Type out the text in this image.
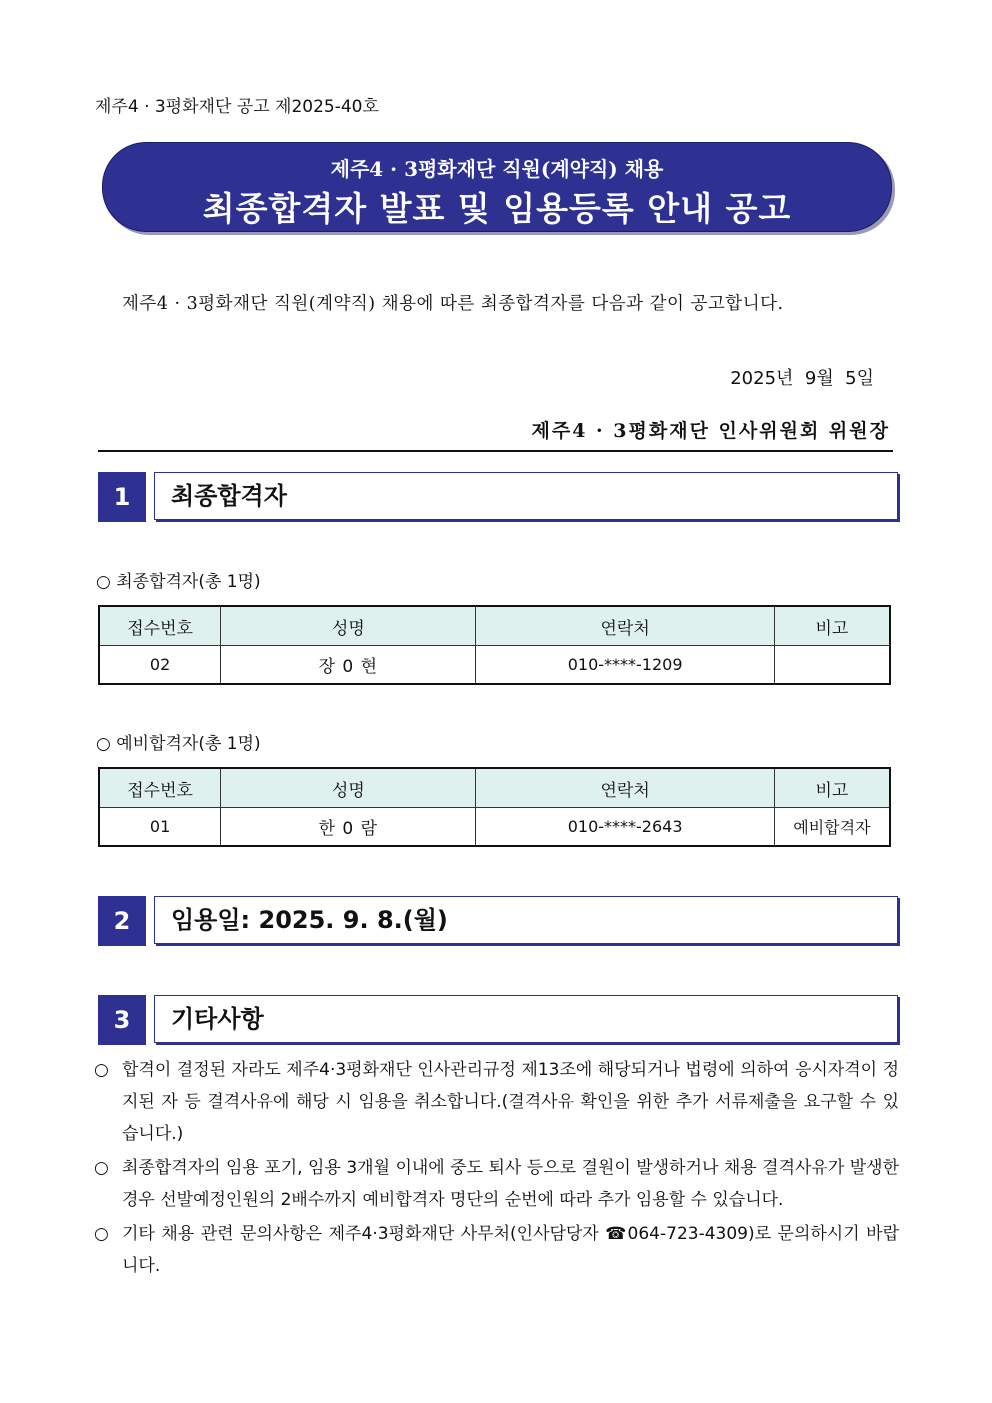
제주4 · 3평화재단 공고 제2025-40호
제주4 · 3평화재단 직원(계약직) 채용
최종합격자 발표 및 임용등록 안내 공고
제주4 · 3평화재단 직원(계약직) 채용에 따른 최종합격자를 다음과 같이 공고합니다.
2025년  9월  5일
제주4 · 3평화재단 인사위원회 위원장
1	최종합격자
○ 최종합격자(총 1명)
접수번호	성명	연락처	비고
02	장 0 현	010-****-1209	
○ 예비합격자(총 1명)
접수번호	성명	연락처	비고
01	한 0 람	010-****-2643	예비합격자
2	임용일: 2025. 9. 8.(월)
3	기타사항
○ 합격이 결정된 자라도 제주4·3평화재단 인사관리규정 제13조에 해당되거나 법령에 의하여 응시자격이 정지된 자 등 결격사유에 해당 시 임용을 취소합니다.(결격사유 확인을 위한 추가 서류제출을 요구할 수 있습니다.)
○ 최종합격자의 임용 포기, 임용 3개월 이내에 중도 퇴사 등으로 결원이 발생하거나 채용 결격사유가 발생한 경우 선발예정인원의 2배수까지 예비합격자 명단의 순번에 따라 추가 임용할 수 있습니다.
○ 기타 채용 관련 문의사항은 제주4·3평화재단 사무처(인사담당자 ☎064-723-4309)로 문의하시기 바랍니다.
